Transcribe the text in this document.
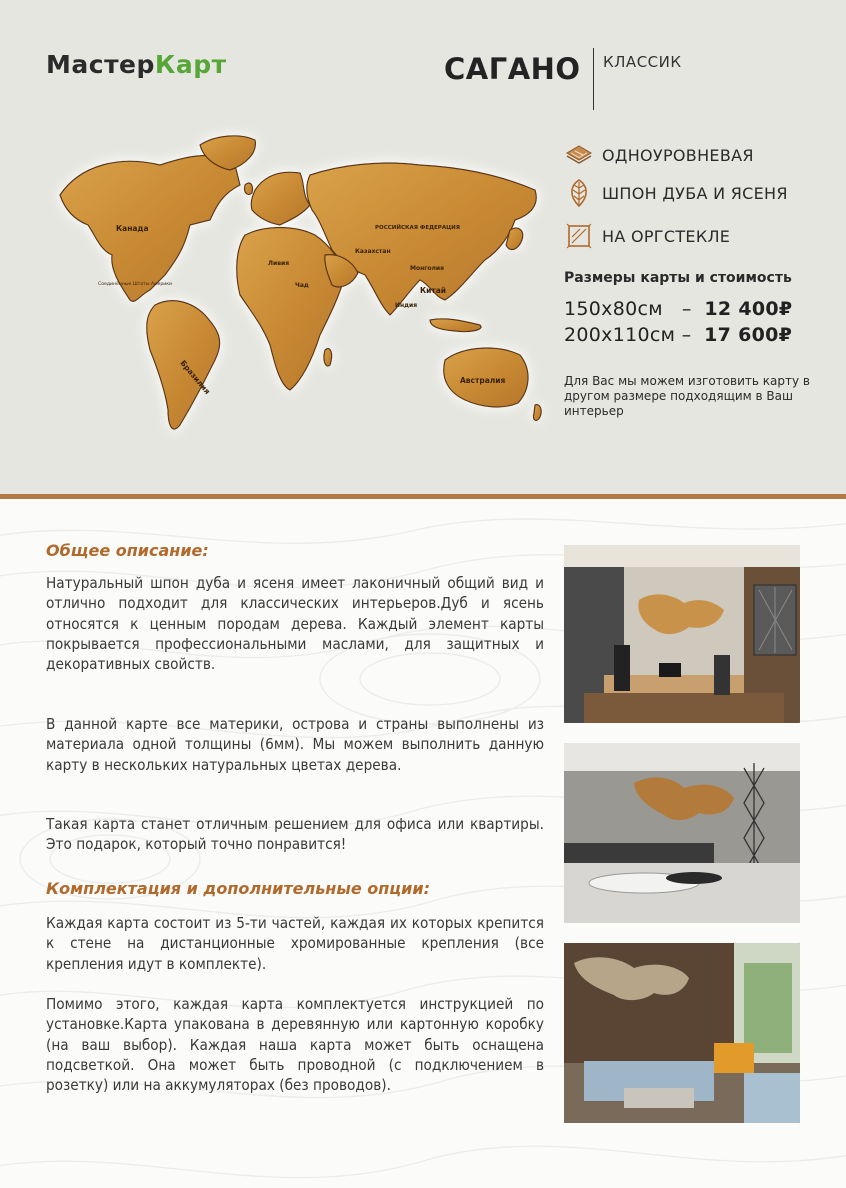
МастерКарт	САГАНО КЛАССИК
ОДНОУРОВНЕВАЯ
ШПОН ДУБА И ЯСЕНЯ
НА ОРГСТЕКЛЕ
Размеры карты и стоимость
150х80см – 12 400₽
200х110см – 17 600₽
Для Вас мы можем изготовить карту в другом размере подходящим в Ваш интерьер
Канада
Соединённые Штаты Америки
РОССИЙСКАЯ ФЕДЕРАЦИЯ
Казахстан
Монголия
Китай
Индия
Бразилия	Австралия
Ливия
Чад
Общее описание:

Натуральный шпон дуба и ясеня имеет лаконичный общий вид и отлично подходит для классических интерьеров.Дуб и ясень относятся к ценным породам дерева. Каждый элемент карты покрывается профессиональными маслами, для защитных и декоративных свойств.

В данной карте все материки, острова и страны выполнены из материала одной толщины (6мм). Мы можем выполнить данную карту в нескольких натуральных цветах дерева.

Такая карта станет отличным решением для офиса или квартиры. Это подарок, который точно понравится!

Комплектация и дополнительные опции:

Каждая карта состоит из 5-ти частей, каждая их которых крепится к стене на дистанционные хромированные крепления (все крепления идут в комплекте).

Помимо этого, каждая карта комплектуется инструкцией по установке.Карта упакована в деревянную или картонную коробку (на ваш выбор). Каждая наша карта может быть оснащена подсветкой. Она может быть проводной (с подключением в розетку) или на аккумуляторах (без проводов).
